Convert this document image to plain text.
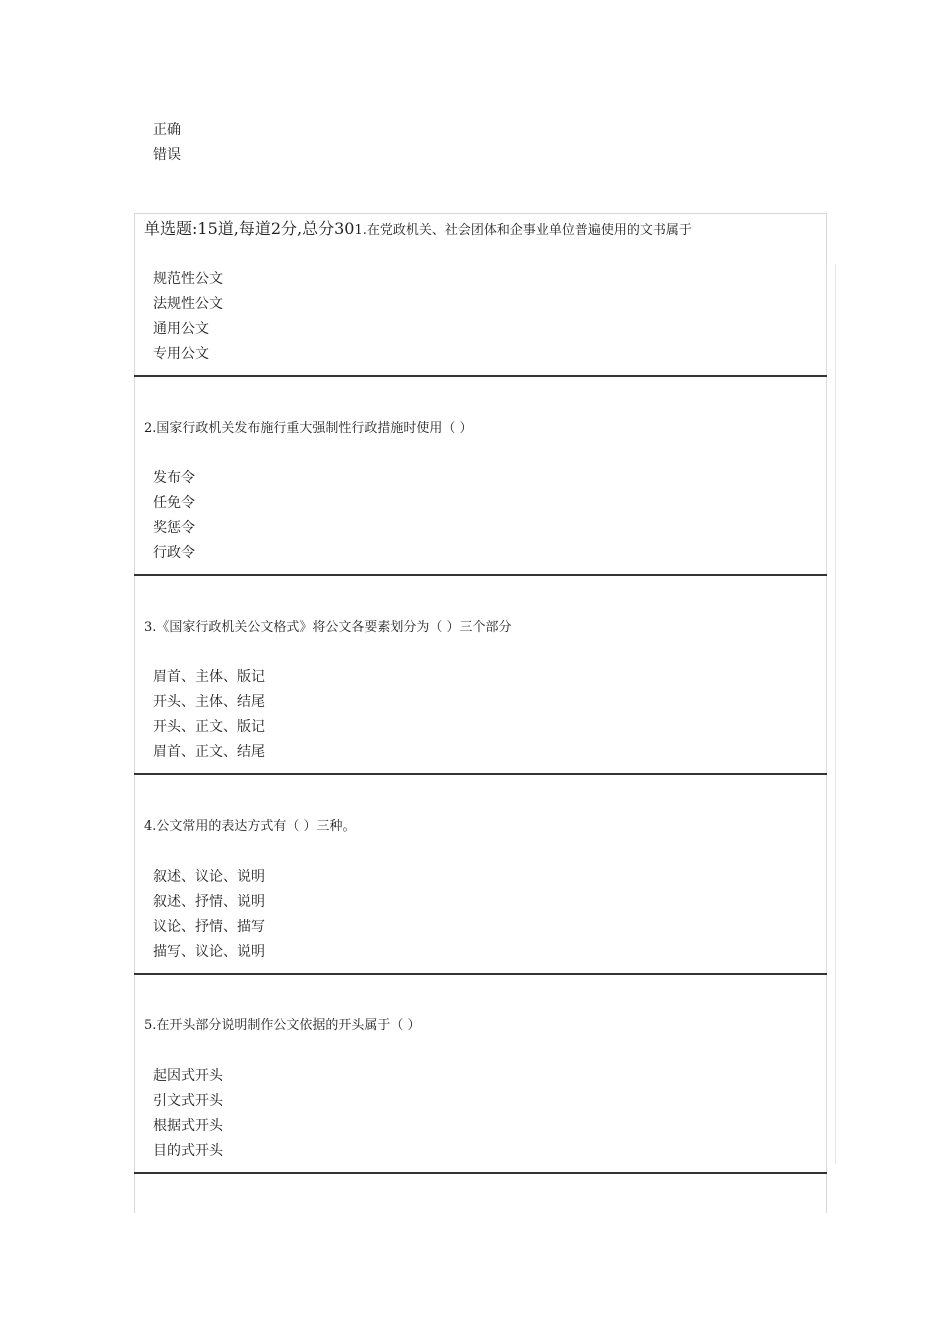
正确
错误
单选题:15道,每道2分,总分301.在党政机关、社会团体和企事业单位普遍使用的文书属于
规范性公文
法规性公文
通用公文
专用公文
2.国家行政机关发布施行重大强制性行政措施时使用（ ）
发布令
任免令
奖惩令
行政令
3.《国家行政机关公文格式》将公文各要素划分为（ ）三个部分
眉首、主体、版记
开头、主体、结尾
开头、正文、版记
眉首、正文、结尾
4.公文常用的表达方式有（ ）三种。
叙述、议论、说明
叙述、抒情、说明
议论、抒情、描写
描写、议论、说明
5.在开头部分说明制作公文依据的开头属于（ ）
起因式开头
引文式开头
根据式开头
目的式开头
